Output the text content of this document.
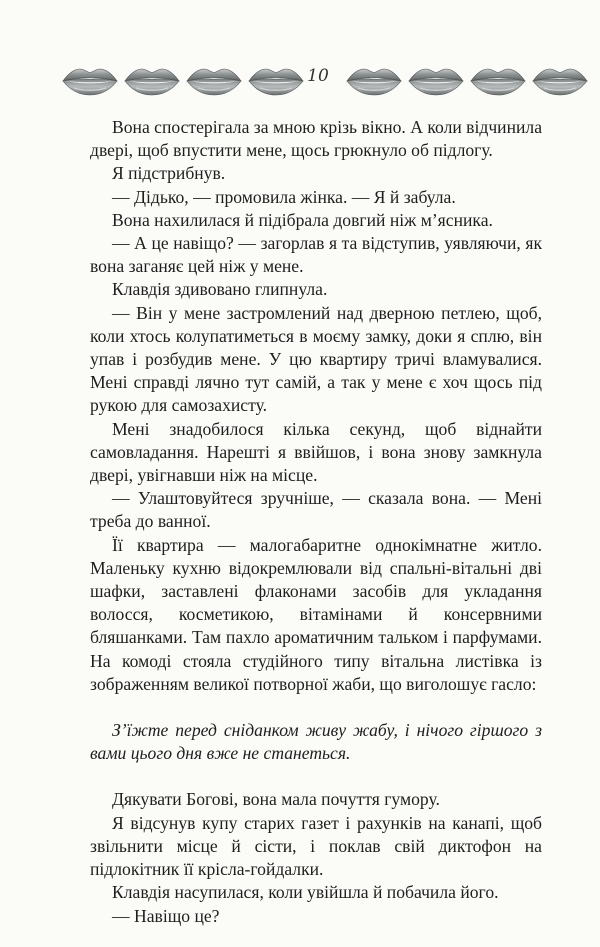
10

Вона спостерігала за мною крізь вікно. А коли відчинила двері, щоб впустити мене, щось грюкнуло об підлогу.

Я підстрибнув.

— Дідько, — промовила жінка. — Я й забула.

Вона нахилилася й підібрала довгий ніж м’ясника.

— А це навіщо? — загорлав я та відступив, уявляючи, як вона заганяє цей ніж у мене.

Клавдія здивовано глипнула.

— Він у мене застромлений над дверною петлею, щоб, коли хтось колупатиметься в моєму замку, доки я сплю, він упав і розбудив мене. У цю квартиру тричі вламувалися. Мені справді лячно тут самій, а так у мене є хоч щось під рукою для самозахисту.

Мені знадобилося кілька секунд, щоб віднайти самовладання. Нарешті я ввійшов, і вона знову замкнула двері, увігнавши ніж на місце.

— Улаштовуйтеся зручніше, — сказала вона. — Мені треба до ванної.

Її квартира — малогабаритне однокімнатне житло. Маленьку кухню відокремлювали від спальні-вітальні дві шафки, заставлені флаконами засобів для укладання волосся, косметикою, вітамінами й консервними бляшанками. Там пахло ароматичним тальком і парфумами. На комоді стояла студійного типу вітальна листівка із зображенням великої потворної жаби, що виголошує гасло:

З’їжте перед сніданком живу жабу, і нічого гіршого з вами цього дня вже не станеться.

Дякувати Богові, вона мала почуття гумору.

Я відсунув купу старих газет і рахунків на канапі, щоб звільнити місце й сісти, і поклав свій диктофон на підлокітник її крісла-гойдалки.

Клавдія насупилася, коли увійшла й побачила його.

— Навіщо це?
